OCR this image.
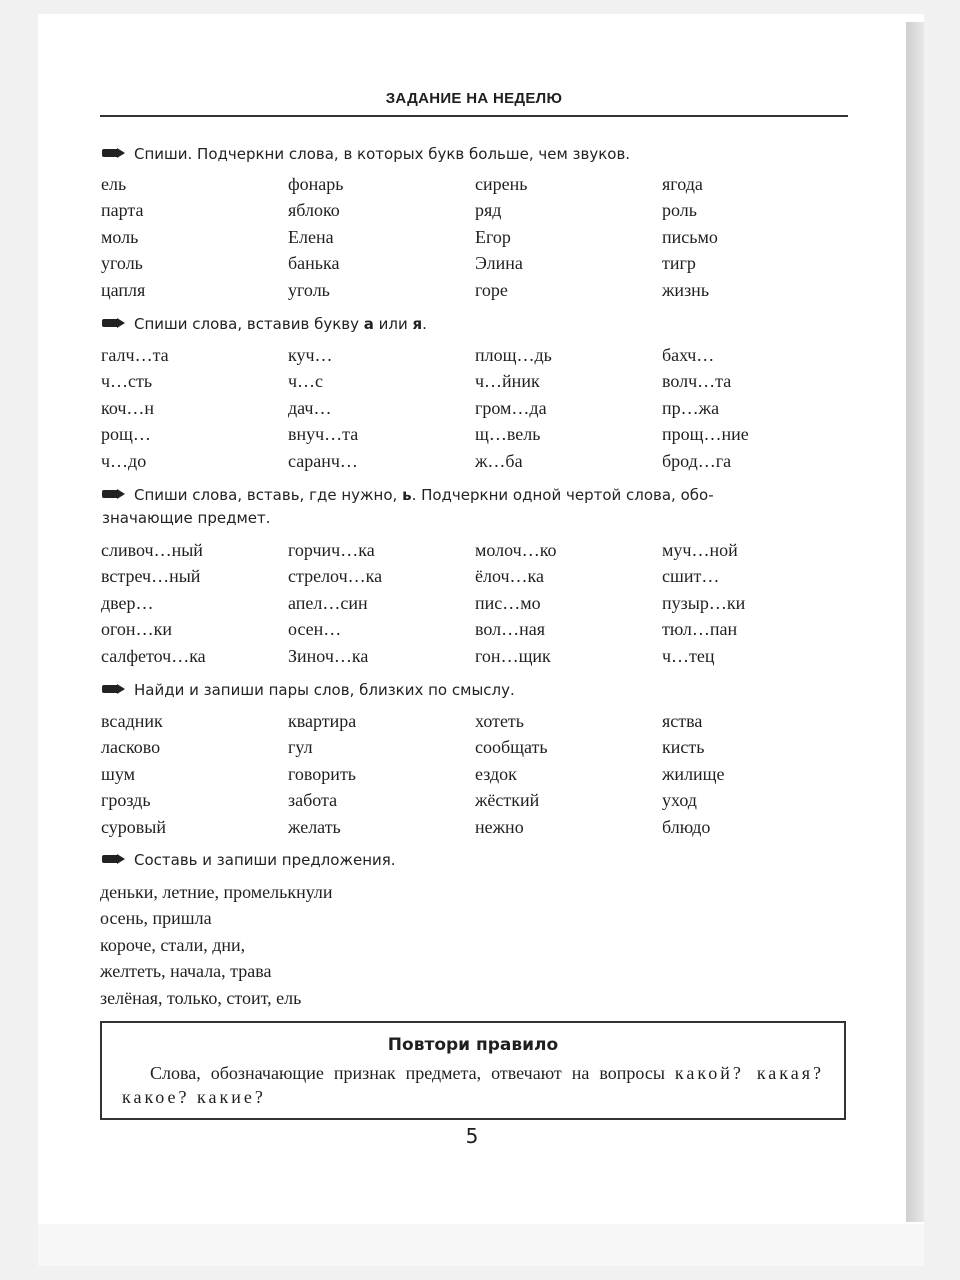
ЗАДАНИЕ НА НЕДЕЛЮ
Спиши. Подчеркни слова, в которых букв больше, чем звуков.
ель	фонарь	сирень	ягода
парта	яблоко	ряд	роль
моль	Елена	Егор	письмо
уголь	банька	Элина	тигр
цапля	уголь	горе	жизнь
Спиши слова, вставив букву а или я.
галч…та	куч…	площ…дь	бахч…
ч…сть	ч…с	ч…йник	волч…та
коч…н	дач…	гром…да	пр…жа
рощ…	внуч…та	щ…вель	прощ…ние
ч…до	саранч…	ж…ба	брод…га
Спиши слова, вставь, где нужно, ь. Подчеркни одной чертой слова, обо-
значающие предмет.
сливоч…ный	горчич…ка	молоч…ко	муч…ной
встреч…ный	стрелоч…ка	ёлоч…ка	сшит…
двер…	апел…син	пис…мо	пузыр…ки
огон…ки	осен…	вол…ная	тюл…пан
салфеточ…ка	Зиноч…ка	гон…щик	ч…тец
Найди и запиши пары слов, близких по смыслу.
всадник	квартира	хотеть	яства
ласково	гул	сообщать	кисть
шум	говорить	ездок	жилище
гроздь	забота	жёсткий	уход
суровый	желать	нежно	блюдо
Составь и запиши предложения.
деньки, летние, промелькнули
осень, пришла
короче, стали, дни,
желтеть, начала, трава
зелёная, только, стоит, ель
Повтори правило
Слова, обозначающие признак предмета, отвечают на вопросы какой? какая? какое? какие?
5
